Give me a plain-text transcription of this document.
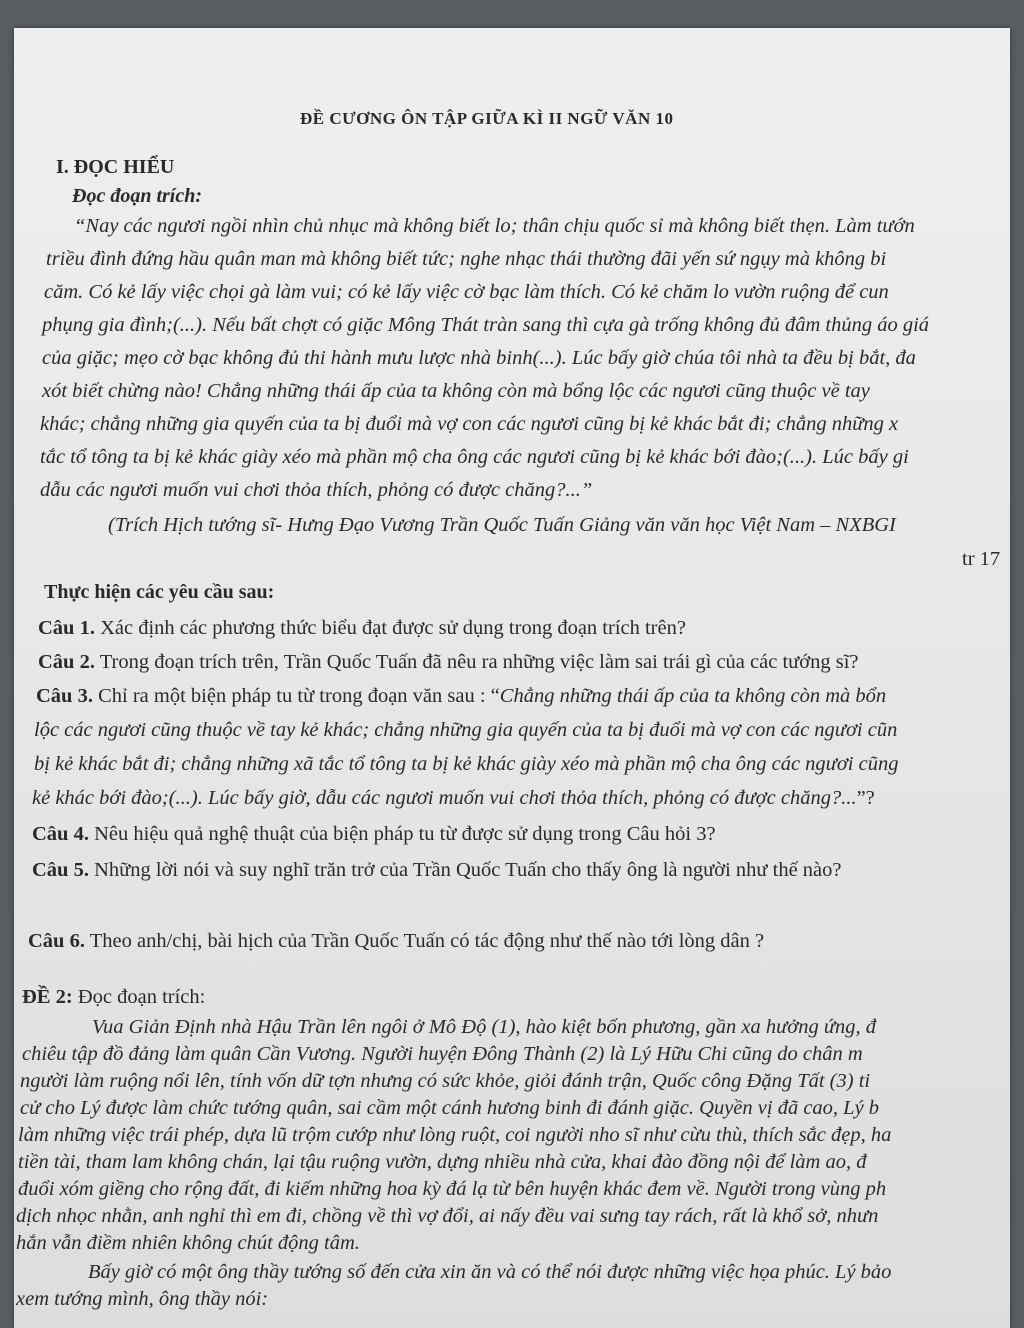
ĐỀ CƯƠNG ÔN TẬP GIỮA KÌ II NGỮ VĂN 10
I. ĐỌC HIỂU
Đọc đoạn trích:
“Nay các ngươi ngồi nhìn chủ nhục mà không biết lo; thân chịu quốc sỉ mà không biết thẹn. Làm tướn
triều đình đứng hầu quân man mà không biết tức; nghe nhạc thái thường đãi yến sứ ngụy mà không bi
căm. Có kẻ lấy việc chọi gà làm vui; có kẻ lấy việc cờ bạc làm thích. Có kẻ chăm lo vườn ruộng để cun
phụng gia đình;(...). Nếu bất chợt có giặc Mông Thát tràn sang thì cựa gà trống không đủ đâm thủng áo giá
của giặc; mẹo cờ bạc không đủ thi hành mưu lược nhà binh(...). Lúc bấy giờ chúa tôi nhà ta đều bị bắt, đa
xót biết chừng nào! Chẳng những thái ấp của ta không còn mà bổng lộc các ngươi cũng thuộc về tay
khác; chẳng những gia quyến của ta bị đuổi mà vợ con các ngươi cũng bị kẻ khác bắt đi; chẳng những x
tắc tổ tông ta bị kẻ khác giày xéo mà phần mộ cha ông các ngươi cũng bị kẻ khác bới đào;(...). Lúc bấy gi
dẫu các ngươi muốn vui chơi thỏa thích, phỏng có được chăng?...”
(Trích Hịch tướng sĩ- Hưng Đạo Vương Trần Quốc Tuấn Giảng văn văn học Việt Nam – NXBGI
tr 17
Thực hiện các yêu cầu sau:
Câu 1. Xác định các phương thức biểu đạt được sử dụng trong đoạn trích trên?
Câu 2. Trong đoạn trích trên, Trần Quốc Tuấn đã nêu ra những việc làm sai trái gì của các tướng sĩ?
Câu 3. Chỉ ra một biện pháp tu từ trong đoạn văn sau : “Chẳng những thái ấp của ta không còn mà bổn
lộc các ngươi cũng thuộc về tay kẻ khác; chẳng những gia quyến của ta bị đuổi mà vợ con các ngươi cũn
bị kẻ khác bắt đi; chẳng những xã tắc tổ tông ta bị kẻ khác giày xéo mà phần mộ cha ông các ngươi cũng
kẻ khác bới đào;(...). Lúc bấy giờ, dẫu các ngươi muốn vui chơi thỏa thích, phỏng có được chăng?...”?
Câu 4. Nêu hiệu quả nghệ thuật của biện pháp tu từ được sử dụng trong Câu hỏi 3?
Câu 5. Những lời nói và suy nghĩ trăn trở của Trần Quốc Tuấn cho thấy ông là người như thế nào?
Câu 6. Theo anh/chị, bài hịch của Trần Quốc Tuấn có tác động như thế nào tới lòng dân ?
ĐỀ 2: Đọc đoạn trích:
Vua Giản Định nhà Hậu Trần lên ngôi ở Mô Độ (1), hào kiệt bốn phương, gần xa hưởng ứng, đ
chiêu tập đồ đảng làm quân Cần Vương. Người huyện Đông Thành (2) là Lý Hữu Chi cũng do chân m
người làm ruộng nổi lên, tính vốn dữ tợn nhưng có sức khỏe, giỏi đánh trận, Quốc công Đặng Tất (3) ti
cử cho Lý được làm chức tướng quân, sai cầm một cánh hương binh đi đánh giặc. Quyền vị đã cao, Lý b
làm những việc trái phép, dựa lũ trộm cướp như lòng ruột, coi người nho sĩ như cừu thù, thích sắc đẹp, ha
tiền tài, tham lam không chán, lại tậu ruộng vườn, dựng nhiều nhà cửa, khai đào đồng nội để làm ao, đ
đuổi xóm giềng cho rộng đất, đi kiếm những hoa kỳ đá lạ từ bên huyện khác đem về. Người trong vùng ph
dịch nhọc nhằn, anh nghỉ thì em đi, chồng về thì vợ đổi, ai nấy đều vai sưng tay rách, rất là khổ sở, nhưn
hắn vẫn điềm nhiên không chút động tâm.
Bấy giờ có một ông thầy tướng số đến cửa xin ăn và có thể nói được những việc họa phúc. Lý bảo
xem tướng mình, ông thầy nói:
